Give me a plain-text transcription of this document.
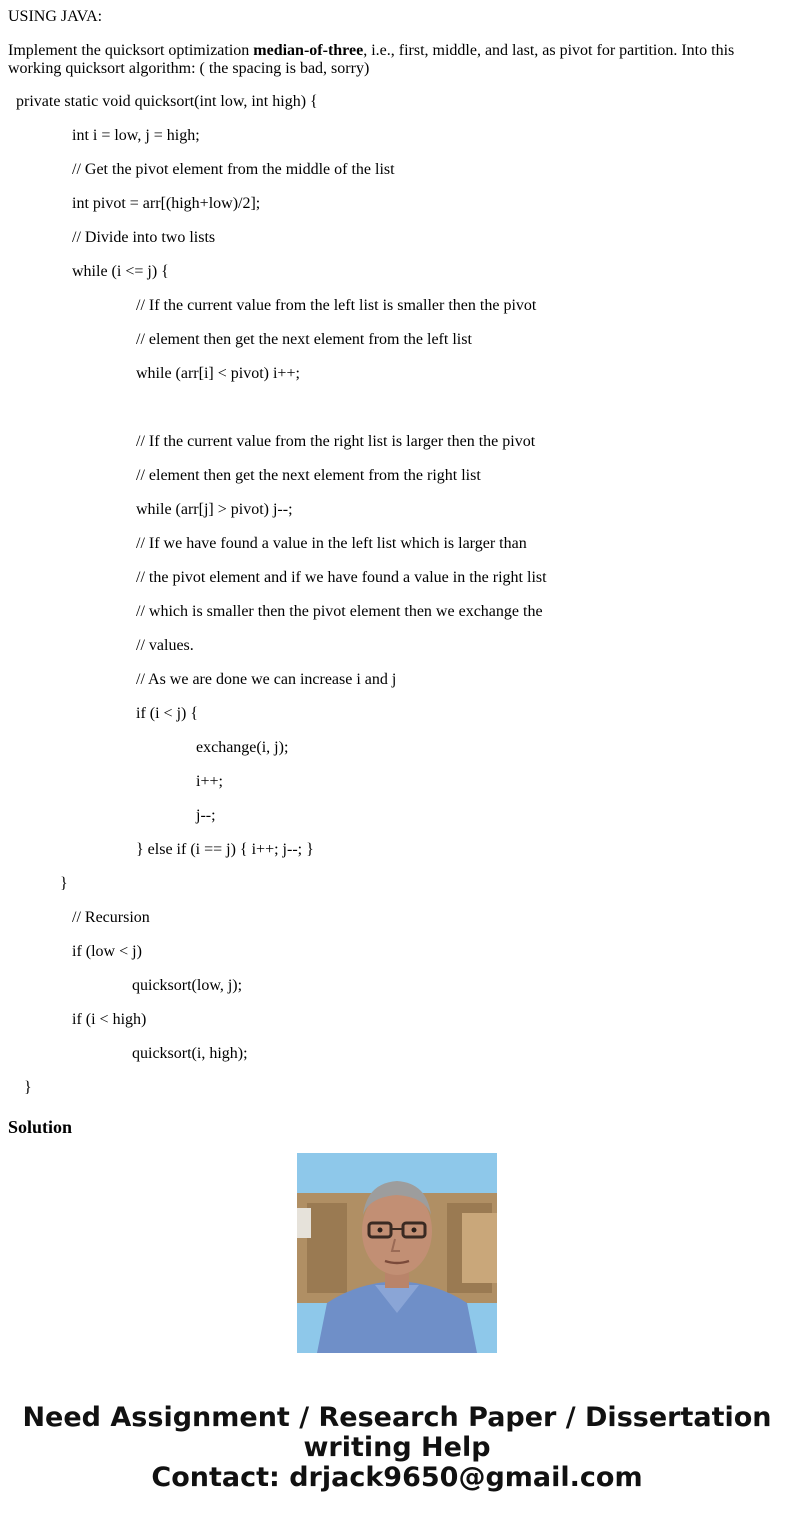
USING JAVA:

Implement the quicksort optimization median-of-three, i.e., first, middle, and last, as pivot for partition. Into this working quicksort algorithm: ( the spacing is bad, sorry)

private static void quicksort(int low, int high) {

int i = low, j = high;

// Get the pivot element from the middle of the list

int pivot = arr[(high+low)/2];

// Divide into two lists

while (i <= j) {

// If the current value from the left list is smaller then the pivot

// element then get the next element from the left list

while (arr[i] < pivot) i++;

// If the current value from the right list is larger then the pivot

// element then get the next element from the right list

while (arr[j] > pivot) j--;

// If we have found a value in the left list which is larger than

// the pivot element and if we have found a value in the right list

// which is smaller then the pivot element then we exchange the

// values.

// As we are done we can increase i and j

if (i < j) {

exchange(i, j);

i++;

j--;

} else if (i == j) { i++; j--; }

}

// Recursion

if (low < j)

quicksort(low, j);

if (i < high)

quicksort(i, high);

}

Solution

Need Assignment / Research Paper / Dissertation
writing Help
Contact: drjack9650@gmail.com
